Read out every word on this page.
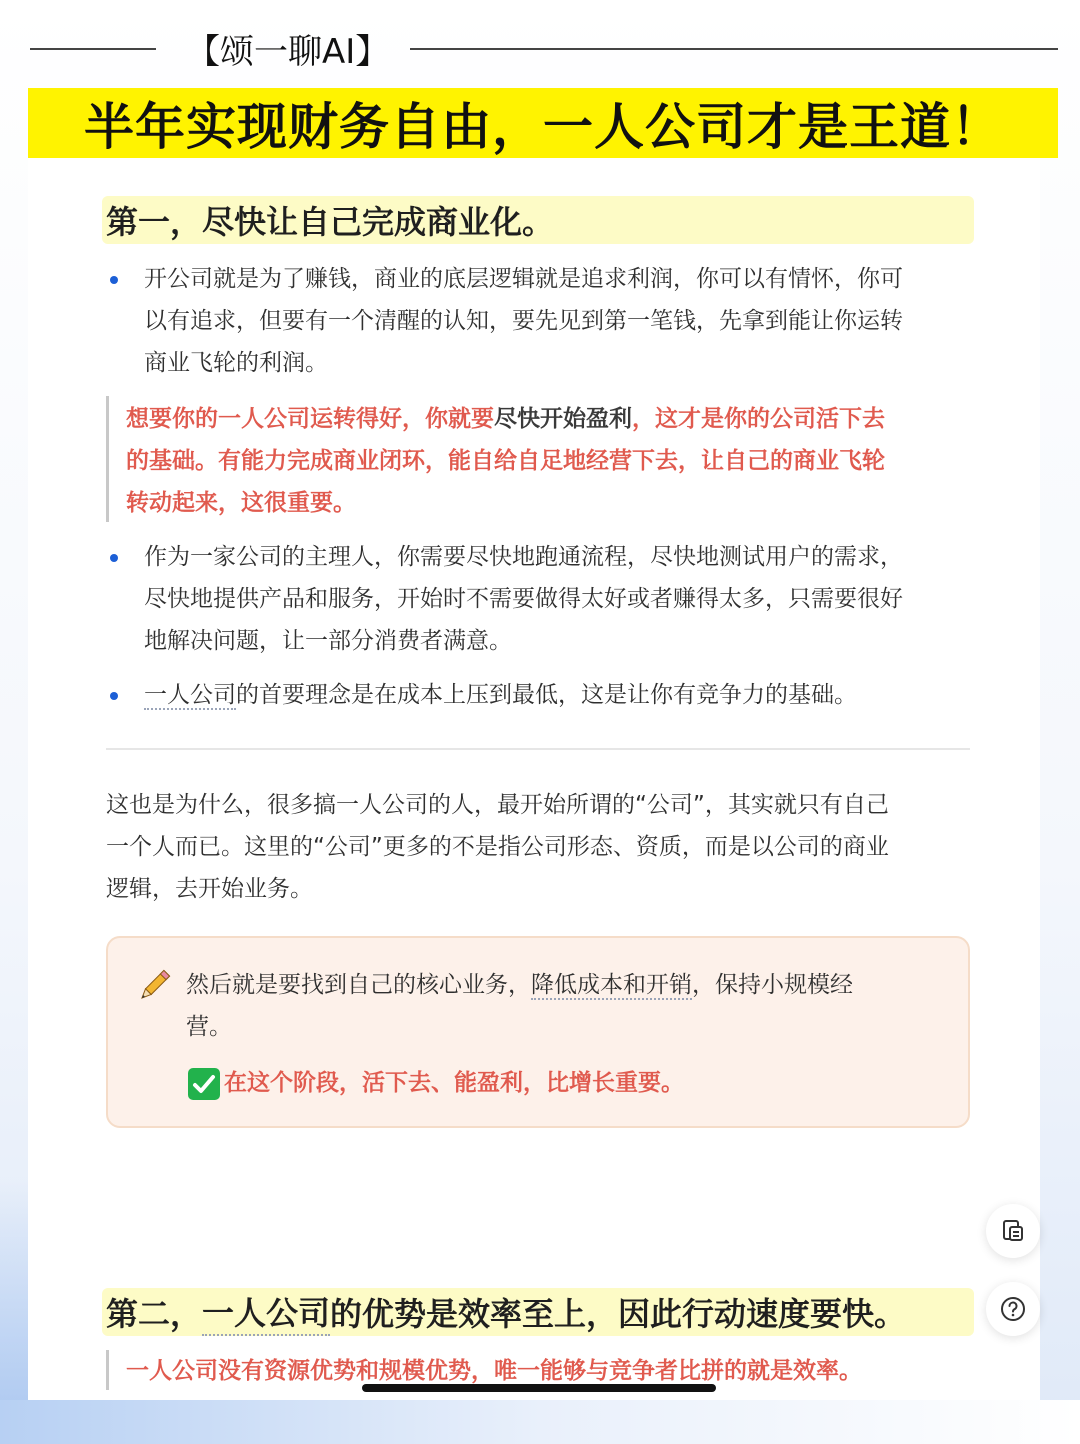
【颂一聊AI】
半年实现财务自由，一人公司才是王道！
第一，尽快让自己完成商业化。
开公司就是为了赚钱，商业的底层逻辑就是追求利润，你可以有情怀，你可
以有追求，但要有一个清醒的认知，要先见到第一笔钱，先拿到能让你运转
商业飞轮的利润。
想要你的一人公司运转得好，你就要尽快开始盈利，这才是你的公司活下去
的基础。有能力完成商业闭环，能自给自足地经营下去，让自己的商业飞轮
转动起来，这很重要。
作为一家公司的主理人，你需要尽快地跑通流程，尽快地测试用户的需求，
尽快地提供产品和服务，开始时不需要做得太好或者赚得太多，只需要很好
地解决问题，让一部分消费者满意。
一人公司的首要理念是在成本上压到最低，这是让你有竞争力的基础。
这也是为什么，很多搞一人公司的人，最开始所谓的“公司”，其实就只有自己
一个人而已。这里的“公司”更多的不是指公司形态、资质，而是以公司的商业
逻辑，去开始业务。
然后就是要找到自己的核心业务，降低成本和开销，保持小规模经
营。
在这个阶段，活下去、能盈利，比增长重要。
第二， 一人公司 的优势是效率至上，因此行动速度要快。
一人公司没有资源优势和规模优势，唯一能够与竞争者比拼的就是效率。
